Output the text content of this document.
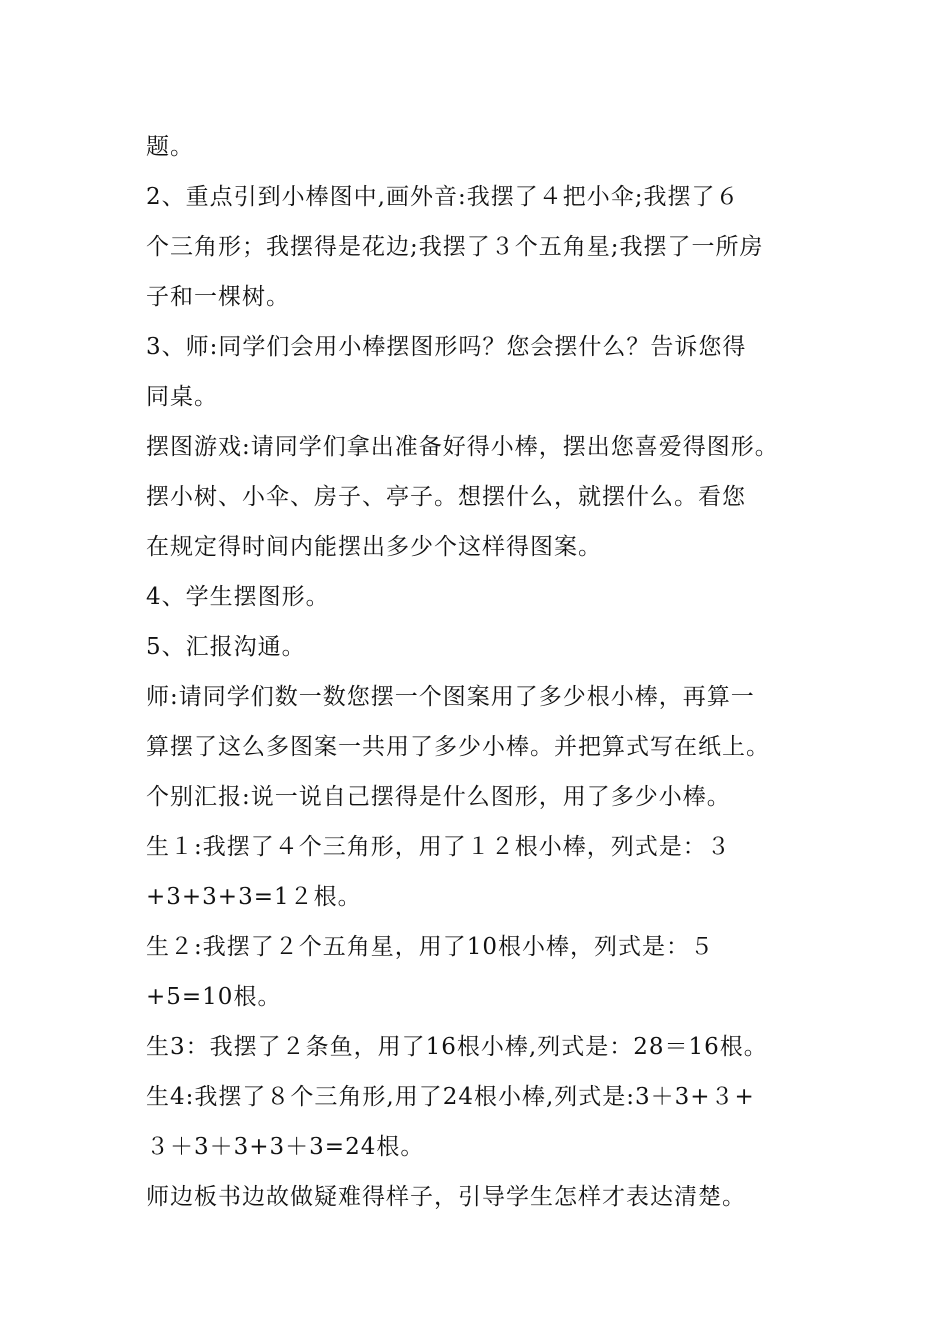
题。
2、重点引到小棒图中,画外音:我摆了４把小伞;我摆了６
个三角形；我摆得是花边;我摆了３个五角星;我摆了一所房
子和一棵树。
3、师:同学们会用小棒摆图形吗？您会摆什么？告诉您得
同桌。
摆图游戏:请同学们拿出准备好得小棒，摆出您喜爱得图形。
摆小树、小伞、房子、亭子。想摆什么，就摆什么。看您
在规定得时间内能摆出多少个这样得图案。
4、学生摆图形。
5、汇报沟通。
师:请同学们数一数您摆一个图案用了多少根小棒，再算一
算摆了这么多图案一共用了多少小棒。并把算式写在纸上。
个别汇报:说一说自己摆得是什么图形，用了多少小棒。
生１:我摆了４个三角形，用了１２根小棒，列式是：３
+3+3+3=1２根。
生２:我摆了２个五角星，用了10根小棒，列式是：５
+5=10根。
生3：我摆了２条鱼，用了16根小棒,列式是：28＝16根。
生4:我摆了８个三角形,用了24根小棒,列式是:3＋3+３+
３＋3＋3+3＋3=24根。
师边板书边故做疑难得样子，引导学生怎样才表达清楚。
